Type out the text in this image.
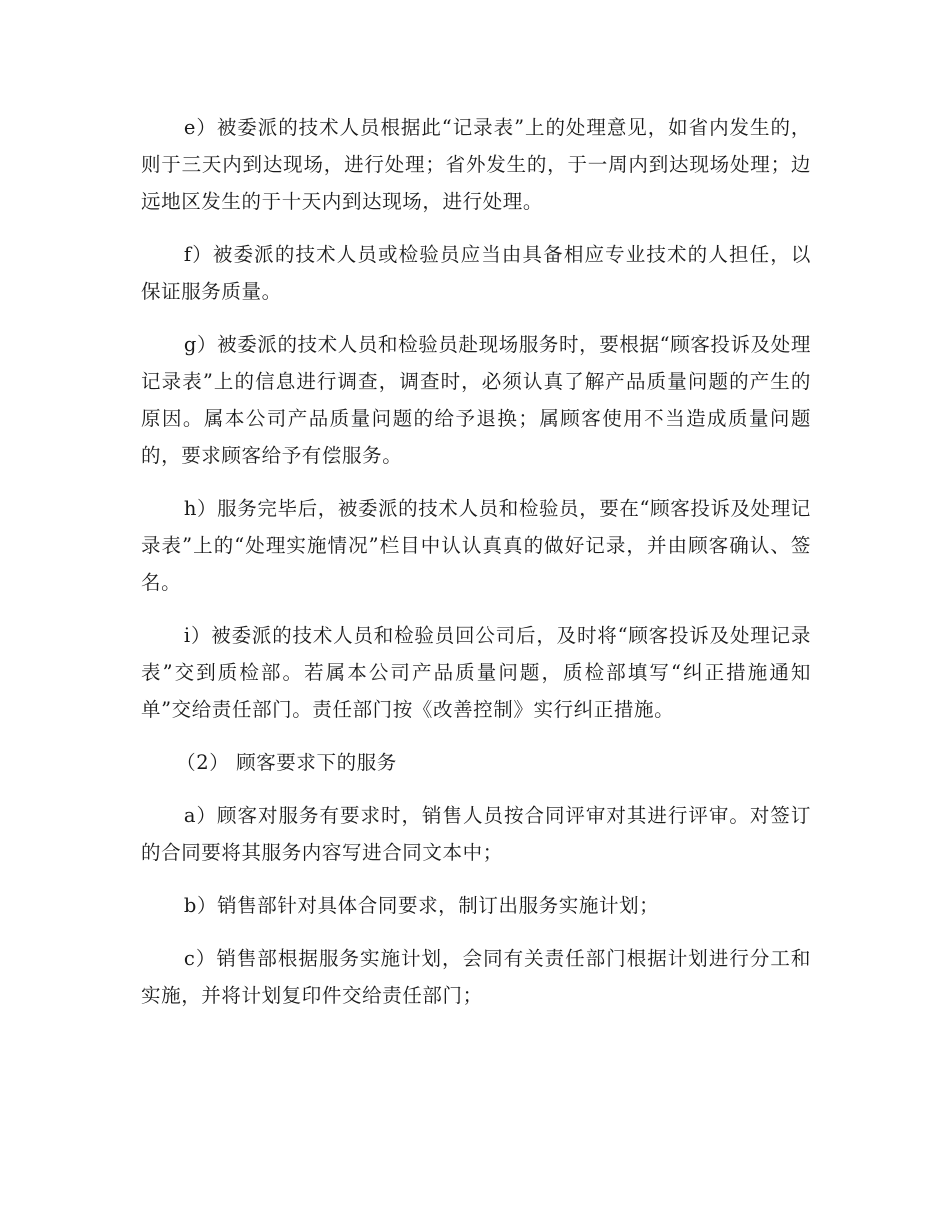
e）被委派的技术人员根据此“记录表”上的处理意见，如省内发生的，则于三天内到达现场，进行处理；省外发生的，于一周内到达现场处理；边远地区发生的于十天内到达现场，进行处理。

f）被委派的技术人员或检验员应当由具备相应专业技术的人担任，以保证服务质量。

g）被委派的技术人员和检验员赴现场服务时，要根据“顾客投诉及处理记录表”上的信息进行调查，调查时，必须认真了解产品质量问题的产生的原因。属本公司产品质量问题的给予退换；属顾客使用不当造成质量问题的，要求顾客给予有偿服务。

h）服务完毕后，被委派的技术人员和检验员，要在“顾客投诉及处理记录表”上的“处理实施情况”栏目中认认真真的做好记录，并由顾客确认、签名。

i）被委派的技术人员和检验员回公司后，及时将“顾客投诉及处理记录表”交到质检部。若属本公司产品质量问题，质检部填写“纠正措施通知单”交给责任部门。责任部门按《改善控制》实行纠正措施。

（2） 顾客要求下的服务

a）顾客对服务有要求时，销售人员按合同评审对其进行评审。对签订的合同要将其服务内容写进合同文本中；

b）销售部针对具体合同要求，制订出服务实施计划；

c）销售部根据服务实施计划，会同有关责任部门根据计划进行分工和实施，并将计划复印件交给责任部门；
